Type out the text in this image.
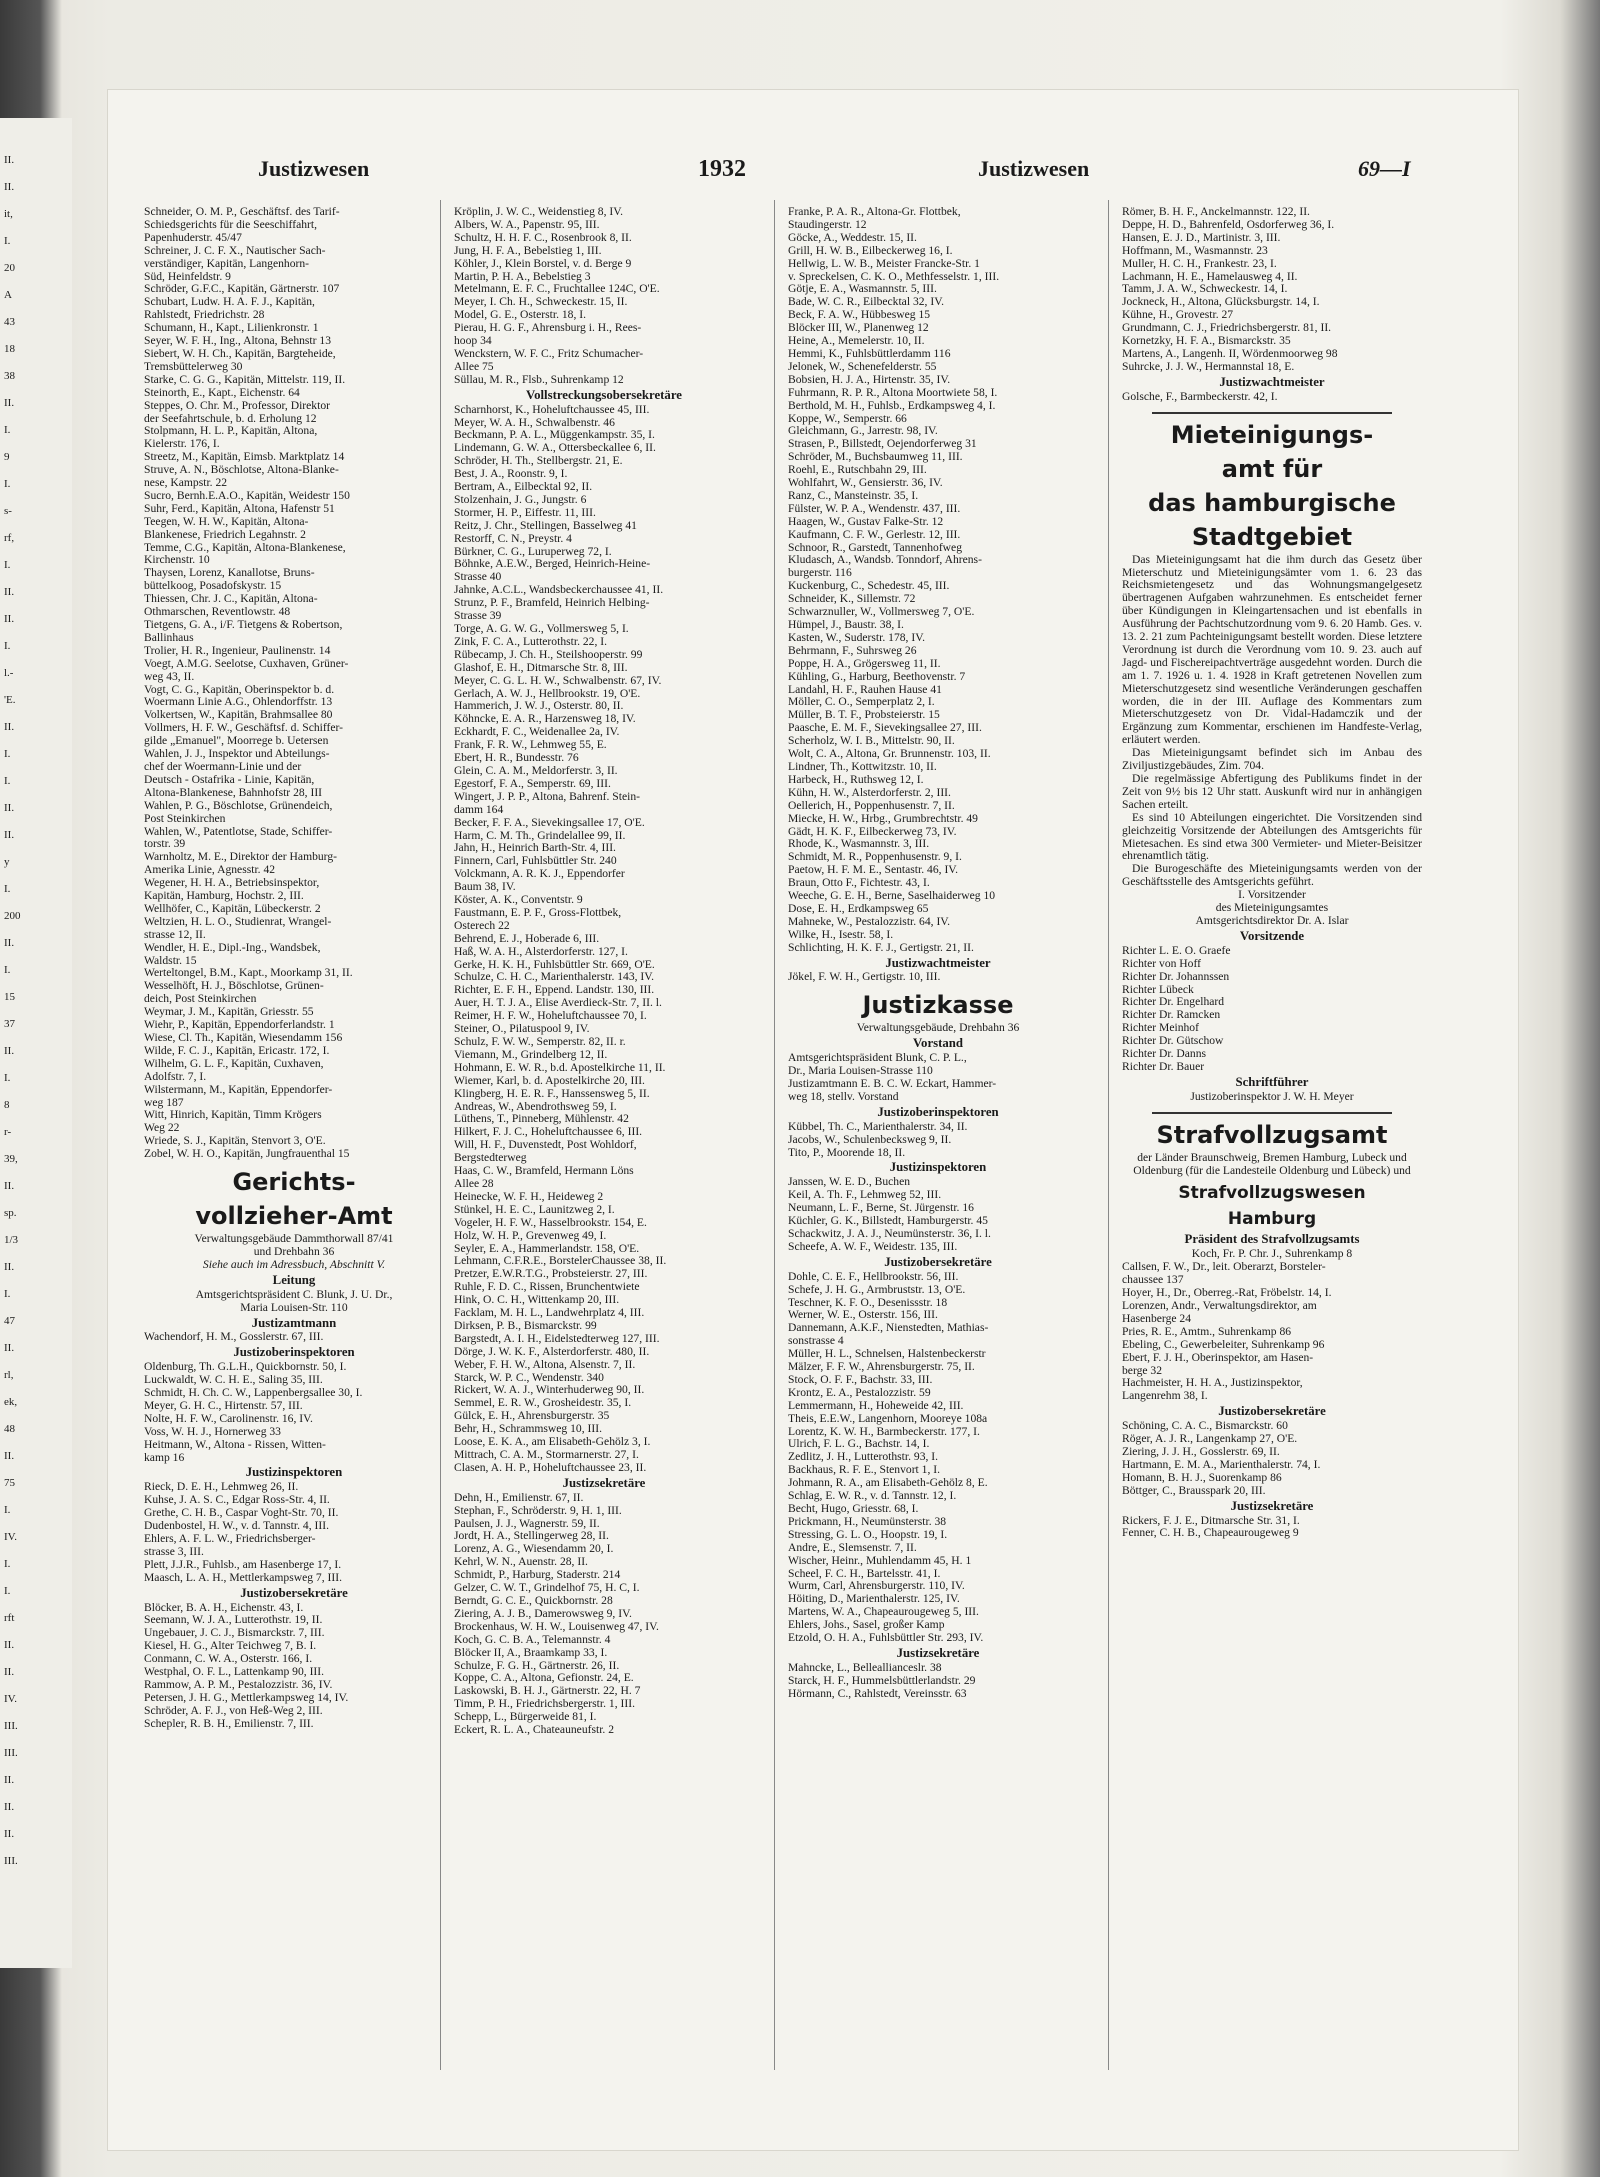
II.
II.
it,
I.
20
A
43
18
38
II.
I.
9
I.
s-
rf,
I.
II.
II.
I.
l.-
'E.
II.
I.
I.
II.
II.
y
I.
200
II.
I.
15
37
II.
I.
8
r-
39,
II.
sp.
1/3
II.
I.
47
II.
rl,
ek,
48
II.
75
I.
IV.
I.
I.
rft
II.
II.
IV.
III.
III.
II.
II.
II.
III.
Justizwesen	1932	Justizwesen	69—I
Schneider, O. M. P., Geschäftsf. des Tarif-
Schiedsgerichts für die Seeschiffahrt,
Papenhuderstr. 45/47
Schreiner, J. C. F. X., Nautischer Sach-
verständiger, Kapitän, Langenhorn-
Süd, Heinfeldstr. 9
Schröder, G.F.C., Kapitän, Gärtnerstr. 107
Schubart, Ludw. H. A. F. J., Kapitän,
Rahlstedt, Friedrichstr. 28
Schumann, H., Kapt., Lilienkronstr. 1
Seyer, W. F. H., Ing., Altona, Behnstr 13
Siebert, W. H. Ch., Kapitän, Bargteheide,
Tremsbüttelerweg 30
Starke, C. G. G., Kapitän, Mittelstr. 119, II.
Steinorth, E., Kapt., Eichenstr. 64
Steppes, O. Chr. M., Professor, Direktor
der Seefahrtschule, b. d. Erholung 12
Stolpmann, H. L. P., Kapitän, Altona,
Kielerstr. 176, I.
Streetz, M., Kapitän, Eimsb. Marktplatz 14
Struve, A. N., Böschlotse, Altona-Blanke-
nese, Kampstr. 22
Sucro, Bernh.E.A.O., Kapitän, Weidestr 150
Suhr, Ferd., Kapitän, Altona, Hafenstr 51
Teegen, W. H. W., Kapitän, Altona-
Blankenese, Friedrich Legahnstr. 2
Temme, C.G., Kapitän, Altona-Blankenese,
Kirchenstr. 10
Thaysen, Lorenz, Kanallotse, Bruns-
büttelkoog, Posadofskystr. 15
Thiessen, Chr. J. C., Kapitän, Altona-
Othmarschen, Reventlowstr. 48
Tietgens, G. A., i/F. Tietgens & Robertson,
Ballinhaus
Trolier, H. R., Ingenieur, Paulinenstr. 14
Voegt, A.M.G. Seelotse, Cuxhaven, Grüner-
weg 43, II.
Vogt, C. G., Kapitän, Oberinspektor b. d.
Woermann Linie A.G., Ohlendorffstr. 13
Volkertsen, W., Kapitän, Brahmsallee 80
Vollmers, H. F. W., Geschäftsf. d. Schiffer-
gilde „Emanuel", Moorrege b. Uetersen
Wahlen, J. J., Inspektor und Abteilungs-
chef der Woermann-Linie und der
Deutsch - Ostafrika - Linie, Kapitän,
Altona-Blankenese, Bahnhofstr 28, III
Wahlen, P. G., Böschlotse, Grünendeich,
Post Steinkirchen
Wahlen, W., Patentlotse, Stade, Schiffer-
torstr. 39
Warnholtz, M. E., Direktor der Hamburg-
Amerika Linie, Agnesstr. 42
Wegener, H. H. A., Betriebsinspektor,
Kapitän, Hamburg, Hochstr. 2, III.
Wellhöfer, C., Kapitän, Lübeckerstr. 2
Weltzien, H. L. O., Studienrat, Wrangel-
strasse 12, II.
Wendler, H. E., Dipl.-Ing., Wandsbek,
Waldstr. 15
Werteltongel, B.M., Kapt., Moorkamp 31, II.
Wesselhöft, H. J., Böschlotse, Grünen-
deich, Post Steinkirchen
Weymar, J. M., Kapitän, Griesstr. 55
Wiehr, P., Kapitän, Eppendorferlandstr. 1
Wiese, Cl. Th., Kapitän, Wiesendamm 156
Wilde, F. C. J., Kapitän, Ericastr. 172, I.
Wilhelm, G. L. F., Kapitän, Cuxhaven,
Adolfstr. 7, I.
Wilstermann, M., Kapitän, Eppendorfer-
weg 187
Witt, Hinrich, Kapitän, Timm Krögers
Weg 22
Wriede, S. J., Kapitän, Stenvort 3, O'E.
Zobel, W. H. O., Kapitän, Jungfrauenthal 15
Gerichts-
vollzieher-Amt
Verwaltungsgebäude Dammthorwall 87/41
und Drehbahn 36
Siehe auch im Adressbuch, Abschnitt V.
Leitung
Amtsgerichtspräsident C. Blunk, J. U. Dr.,
Maria Louisen-Str. 110
Justizamtmann
Wachendorf, H. M., Gosslerstr. 67, III.
Justizoberinspektoren
Oldenburg, Th. G.L.H., Quickbornstr. 50, I.
Luckwaldt, W. C. H. E., Saling 35, III.
Schmidt, H. Ch. C. W., Lappenbergsallee 30, I.
Meyer, G. H. C., Hirtenstr. 57, III.
Nolte, H. F. W., Carolinenstr. 16, IV.
Voss, W. H. J., Hornerweg 33
Heitmann, W., Altona - Rissen, Witten-
kamp 16
Justizinspektoren
Rieck, D. E. H., Lehmweg 26, II.
Kuhse, J. A. S. C., Edgar Ross-Str. 4, II.
Grethe, C. H. B., Caspar Voght-Str. 70, II.
Dudenbostel, H. W., v. d. Tannstr. 4, III.
Ehlers, A. F. L. W., Friedrichsberger-
strasse 3, III.
Plett, J.J.R., Fuhlsb., am Hasenberge 17, I.
Maasch, L. A. H., Mettlerkampsweg 7, III.
Justizobersekretäre
Blöcker, B. A. H., Eichenstr. 43, I.
Seemann, W. J. A., Lutterothstr. 19, II.
Ungebauer, J. C. J., Bismarckstr. 7, III.
Kiesel, H. G., Alter Teichweg 7, B. I.
Conmann, C. W. A., Osterstr. 166, I.
Westphal, O. F. L., Lattenkamp 90, III.
Rammow, A. P. M., Pestalozzistr. 36, IV.
Petersen, J. H. G., Mettlerkampsweg 14, IV.
Schröder, A. F. J., von Heß-Weg 2, III.
Schepler, R. B. H., Emilienstr. 7, III.
Kröplin, J. W. C., Weidenstieg 8, IV.
Albers, W. A., Papenstr. 95, III.
Schultz, H. H. F. C., Rosenbrook 8, II.
Jung, H. F. A., Bebelstieg 1, III.
Köhler, J., Klein Borstel, v. d. Berge 9
Martin, P. H. A., Bebelstieg 3
Metelmann, E. F. C., Fruchtallee 124C, O'E.
Meyer, I. Ch. H., Schweckestr. 15, II.
Model, G. E., Osterstr. 18, I.
Pierau, H. G. F., Ahrensburg i. H., Rees-
hoop 34
Wenckstern, W. F. C., Fritz Schumacher-
Allee 75
Süllau, M. R., Flsb., Suhrenkamp 12
Vollstreckungsobersekretäre
Scharnhorst, K., Hoheluftchaussee 45, III.
Meyer, W. A. H., Schwalbenstr. 46
Beckmann, P. A. L., Müggenkampstr. 35, I.
Lindemann, G. W. A., Ottersbeckallee 6, II.
Schröder, H. Th., Stellbergstr. 21, E.
Best, J. A., Roonstr. 9, I.
Bertram, A., Eilbecktal 92, II.
Stolzenhain, J. G., Jungstr. 6
Stormer, H. P., Eiffestr. 11, III.
Reitz, J. Chr., Stellingen, Basselweg 41
Restorff, C. N., Preystr. 4
Bürkner, C. G., Luruperweg 72, I.
Böhnke, A.E.W., Berged, Heinrich-Heine-
Strasse 40
Jahnke, A.C.L., Wandsbeckerchaussee 41, II.
Strunz, P. F., Bramfeld, Heinrich Helbing-
Strasse 39
Torge, A. G. W. G., Vollmersweg 5, I.
Zink, F. C. A., Lutterothstr. 22, I.
Rübecamp, J. Ch. H., Steilshooperstr. 99
Glashof, E. H., Ditmarsche Str. 8, III.
Meyer, C. G. L. H. W., Schwalbenstr. 67, IV.
Gerlach, A. W. J., Hellbrookstr. 19, O'E.
Hammerich, J. W. J., Osterstr. 80, II.
Köhncke, E. A. R., Harzensweg 18, IV.
Eckhardt, F. C., Weidenallee 2a, IV.
Frank, F. R. W., Lehmweg 55, E.
Ebert, H. R., Bundesstr. 76
Glein, C. A. M., Meldorferstr. 3, II.
Egestorf, F. A., Semperstr. 69, III.
Wingert, J. P. P., Altona, Bahrenf. Stein-
damm 164
Becker, F. F. A., Sievekingsallee 17, O'E.
Harm, C. M. Th., Grindelallee 99, II.
Jahn, H., Heinrich Barth-Str. 4, III.
Finnern, Carl, Fuhlsbüttler Str. 240
Volckmann, A. R. K. J., Eppendorfer
Baum 38, IV.
Köster, A. K., Conventstr. 9
Faustmann, E. P. F., Gross-Flottbek,
Osterech 22
Behrend, E. J., Hoberade 6, III.
Haß, W. A. H., Alsterdorferstr. 127, I.
Gerke, H. K. H., Fuhlsbüttler Str. 669, O'E.
Schulze, C. H. C., Marienthalerstr. 143, IV.
Richter, E. F. H., Eppend. Landstr. 130, III.
Auer, H. T. J. A., Elise Averdieck-Str. 7, II. l.
Reimer, H. F. W., Hoheluftchaussee 70, I.
Steiner, O., Pilatuspool 9, IV.
Schulz, F. W. W., Semperstr. 82, II. r.
Viemann, M., Grindelberg 12, II.
Hohmann, E. W. R., b.d. Apostelkirche 11, II.
Wiemer, Karl, b. d. Apostelkirche 20, III.
Klingberg, H. E. R. F., Hanssensweg 5, II.
Andreas, W., Abendrothsweg 59, I.
Lüthens, T., Pinneberg, Mühlenstr. 42
Hilkert, F. J. C., Hoheluftchaussee 6, III.
Will, H. F., Duvenstedt, Post Wohldorf,
Bergstedterweg
Haas, C. W., Bramfeld, Hermann Löns
Allee 28
Heinecke, W. F. H., Heideweg 2
Stünkel, H. E. C., Launitzweg 2, I.
Vogeler, H. F. W., Hasselbrookstr. 154, E.
Holz, W. H. P., Grevenweg 49, I.
Seyler, E. A., Hammerlandstr. 158, O'E.
Lehmann, C.F.R.E., BorstelerChaussee 38, II.
Pretzer, E.W.R.T.G., Probsteierstr. 27, III.
Ruhle, F. D. C., Rissen, Brunchentwiete
Hink, O. C. H., Wittenkamp 20, III.
Facklam, M. H. L., Landwehrplatz 4, III.
Dirksen, P. B., Bismarckstr. 99
Bargstedt, A. I. H., Eidelstedterweg 127, III.
Dörge, J. W. K. F., Alsterdorferstr. 480, II.
Weber, F. H. W., Altona, Alsenstr. 7, II.
Starck, W. P. C., Wendenstr. 340
Rickert, W. A. J., Winterhuderweg 90, II.
Semmel, E. R. W., Grosheidestr. 35, I.
Gülck, E. H., Ahrensburgerstr. 35
Behr, H., Schrammsweg 10, III.
Loose, E. K. A., am Elisabeth-Gehölz 3, I.
Mittrach, C. A. M., Stormarnerstr. 27, I.
Clasen, A. H. P., Hoheluftchaussee 23, II.
Justizsekretäre
Dehn, H., Emilienstr. 67, II.
Stephan, F., Schröderstr. 9, H. 1, III.
Paulsen, J. J., Wagnerstr. 59, II.
Jordt, H. A., Stellingerweg 28, II.
Lorenz, A. G., Wiesendamm 20, I.
Kehrl, W. N., Auenstr. 28, II.
Schmidt, P., Harburg, Staderstr. 214
Gelzer, C. W. T., Grindelhof 75, H. C, I.
Berndt, G. C. E., Quickbornstr. 28
Ziering, A. J. B., Damerowsweg 9, IV.
Brockenhaus, W. H. W., Louisenweg 47, IV.
Koch, G. C. B. A., Telemannstr. 4
Blöcker II, A., Braamkamp 33, I.
Schulze, F. G. H., Gärtnerstr. 26, II.
Koppe, C. A., Altona, Gefionstr. 24, E.
Laskowski, B. H. J., Gärtnerstr. 22, H. 7
Timm, P. H., Friedrichsbergerstr. 1, III.
Schepp, L., Bürgerweide 81, I.
Eckert, R. L. A., Chateauneufstr. 2
Franke, P. A. R., Altona-Gr. Flottbek,
Staudingerstr. 12
Göcke, A., Weddestr. 15, II.
Grill, H. W. B., Eilbeckerweg 16, I.
Hellwig, L. W. B., Meister Francke-Str. 1
v. Spreckelsen, C. K. O., Methfesselstr. 1, III.
Götje, E. A., Wasmannstr. 5, III.
Bade, W. C. R., Eilbecktal 32, IV.
Beck, F. A. W., Hübbesweg 15
Blöcker III, W., Planenweg 12
Heine, A., Memelerstr. 10, II.
Hemmi, K., Fuhlsbüttlerdamm 116
Jelonek, W., Schenefelderstr. 55
Bobsien, H. J. A., Hirtenstr. 35, IV.
Fuhrmann, R. P. R., Altona Moortwiete 58, I.
Berthold, M. H., Fuhlsb., Erdkampsweg 4, I.
Koppe, W., Semperstr. 66
Gleichmann, G., Jarrestr. 98, IV.
Strasen, P., Billstedt, Oejendorferweg 31
Schröder, M., Buchsbaumweg 11, III.
Roehl, E., Rutschbahn 29, III.
Wohlfahrt, W., Gensierstr. 36, IV.
Ranz, C., Mansteinstr. 35, I.
Fülster, W. P. A., Wendenstr. 437, III.
Haagen, W., Gustav Falke-Str. 12
Kaufmann, C. F. W., Gerlestr. 12, III.
Schnoor, R., Garstedt, Tannenhofweg
Kludasch, A., Wandsb. Tonndorf, Ahrens-
burgerstr. 116
Kuckenburg, C., Schedestr. 45, III.
Schneider, K., Sillemstr. 72
Schwarznuller, W., Vollmersweg 7, O'E.
Hümpel, J., Baustr. 38, I.
Kasten, W., Suderstr. 178, IV.
Behrmann, F., Suhrsweg 26
Poppe, H. A., Grögersweg 11, II.
Kühling, G., Harburg, Beethovenstr. 7
Landahl, H. F., Rauhen Hause 41
Möller, C. O., Semperplatz 2, I.
Müller, B. T. F., Probsteierstr. 15
Paasche, E. M. F., Sievekingsallee 27, III.
Scherholz, W. I. B., Mittelstr. 90, II.
Wolt, C. A., Altona, Gr. Brunnenstr. 103, II.
Lindner, Th., Kottwitzstr. 10, II.
Harbeck, H., Ruthsweg 12, I.
Kühn, H. W., Alsterdorferstr. 2, III.
Oellerich, H., Poppenhusenstr. 7, II.
Miecke, H. W., Hrbg., Grumbrechtstr. 49
Gädt, H. K. F., Eilbeckerweg 73, IV.
Rhode, K., Wasmannstr. 3, III.
Schmidt, M. R., Poppenhusenstr. 9, I.
Paetow, H. F. M. E., Sentastr. 46, IV.
Braun, Otto F., Fichtestr. 43, I.
Weeche, G. E. H., Berne, Saselhaiderweg 10
Dose, E. H., Erdkampsweg 65
Mahneke, W., Pestalozzistr. 64, IV.
Wilke, H., Isestr. 58, I.
Schlichting, H. K. F. J., Gertigstr. 21, II.
Justizwachtmeister
Jökel, F. W. H., Gertigstr. 10, III.
Justizkasse
Verwaltungsgebäude, Drehbahn 36
Vorstand
Amtsgerichtspräsident Blunk, C. P. L.,
Dr., Maria Louisen-Strasse 110
Justizamtmann E. B. C. W. Eckart, Hammer-
weg 18, stellv. Vorstand
Justizoberinspektoren
Kübbel, Th. C., Marienthalerstr. 34, II.
Jacobs, W., Schulenbecksweg 9, II.
Tito, P., Moorende 18, II.
Justizinspektoren
Janssen, W. E. D., Buchen
Keil, A. Th. F., Lehmweg 52, III.
Neumann, L. F., Berne, St. Jürgenstr. 16
Küchler, G. K., Billstedt, Hamburgerstr. 45
Schackwitz, J. A. J., Neumünsterstr. 36, I. l.
Scheefe, A. W. F., Weidestr. 135, III.
Justizobersekretäre
Dohle, C. E. F., Hellbrookstr. 56, III.
Schefe, J. H. G., Armbruststr. 13, O'E.
Teschner, K. F. O., Desenissstr. 18
Werner, W. E., Osterstr. 156, III.
Dannemann, A.K.F., Nienstedten, Mathias-
sonstrasse 4
Müller, H. L., Schnelsen, Halstenbeckerstr
Mälzer, F. F. W., Ahrensburgerstr. 75, II.
Stock, O. F. F., Bachstr. 33, III.
Krontz, E. A., Pestalozzistr. 59
Lemmermann, H., Hoheweide 42, III.
Theis, E.E.W., Langenhorn, Mooreye 108a
Lorentz, K. W. H., Barmbeckerstr. 177, I.
Ulrich, F. L. G., Bachstr. 14, I.
Zedlitz, J. H., Lutterothstr. 93, I.
Backhaus, R. F. E., Stenvort 1, I.
Johmann, R. A., am Elisabeth-Gehölz 8, E.
Schlag, E. W. R., v. d. Tannstr. 12, I.
Becht, Hugo, Griesstr. 68, I.
Prickmann, H., Neumünsterstr. 38
Stressing, G. L. O., Hoopstr. 19, I.
Andre, E., Slemsenstr. 7, II.
Wischer, Heinr., Muhlendamm 45, H. 1
Scheel, F. C. H., Bartelsstr. 41, I.
Wurm, Carl, Ahrensburgerstr. 110, IV.
Höiting, D., Marienthalerstr. 125, IV.
Martens, W. A., Chapeaurougeweg 5, III.
Ehlers, Johs., Sasel, großer Kamp
Etzold, O. H. A., Fuhlsbüttler Str. 293, IV.
Justizsekretäre
Mahncke, L., Belleallianceslr. 38
Starck, H. F., Hummelsbüttlerlandstr. 29
Hörmann, C., Rahlstedt, Vereinsstr. 63
Römer, B. H. F., Anckelmannstr. 122, II.
Deppe, H. D., Bahrenfeld, Osdorferweg 36, I.
Hansen, E. J. D., Martinistr. 3, III.
Hoffmann, M., Wasmannstr. 23
Muller, H. C. H., Frankestr. 23, I.
Lachmann, H. E., Hamelausweg 4, II.
Tamm, J. A. W., Schweckestr. 14, I.
Jockneck, H., Altona, Glücksburgstr. 14, I.
Kühne, H., Grovestr. 27
Grundmann, C. J., Friedrichsbergerstr. 81, II.
Kornetzky, H. F. A., Bismarckstr. 35
Martens, A., Langenh. II, Wördenmoorweg 98
Suhrcke, J. J. W., Hermannstal 18, E.
Justizwachtmeister
Golsche, F., Barmbeckerstr. 42, I.
Mieteinigungs-
amt für
das hamburgische
Stadtgebiet
Das Mieteinigungsamt hat die ihm durch das Gesetz über Mieterschutz und Mieteinigungsämter vom 1. 6. 23 das Reichsmietengesetz und das Wohnungsmangelgesetz übertragenen Aufgaben wahrzunehmen. Es entscheidet ferner über Kündigungen in Kleingartensachen und ist ebenfalls in Ausführung der Pachtschutzordnung vom 9. 6. 20 Hamb. Ges. v. 13. 2. 21 zum Pachteinigungsamt bestellt worden. Diese letztere Verordnung ist durch die Verordnung vom 10. 9. 23. auch auf Jagd- und Fischereipachtverträge ausgedehnt worden. Durch die am 1. 7. 1926 u. 1. 4. 1928 in Kraft getretenen Novellen zum Mieterschutzgesetz sind wesentliche Veränderungen geschaffen worden, die in der III. Auflage des Kommentars zum Mieterschutzgesetz von Dr. Vidal-Hadamczik und der Ergänzung zum Kommentar, erschienen im Handfeste-Verlag, erläutert werden.
Das Mieteinigungsamt befindet sich im Anbau des Ziviljustizgebäudes, Zim. 704.
Die regelmässige Abfertigung des Publikums findet in der Zeit von 9½ bis 12 Uhr statt. Auskunft wird nur in anhängigen Sachen erteilt.
Es sind 10 Abteilungen eingerichtet. Die Vorsitzenden sind gleichzeitig Vorsitzende der Abteilungen des Amtsgerichts für Mietesachen. Es sind etwa 300 Vermieter- und Mieter-Beisitzer ehrenamtlich tätig.
Die Burogeschäfte des Mieteinigungsamts werden von der Geschäftsstelle des Amtsgerichts geführt.
I. Vorsitzender
des Mieteinigungsamtes
Amtsgerichtsdirektor Dr. A. Islar
Vorsitzende
Richter L. E. O. Graefe
Richter von Hoff
Richter Dr. Johannssen
Richter Lübeck
Richter Dr. Engelhard
Richter Dr. Ramcken
Richter Meinhof
Richter Dr. Gütschow
Richter Dr. Danns
Richter Dr. Bauer
Schriftführer
Justizoberinspektor J. W. H. Meyer
Strafvollzugsamt
der Länder Braunschweig, Bremen Hamburg, Lubeck und Oldenburg (für die Landesteile Oldenburg und Lübeck) und
Strafvollzugswesen
Hamburg
Präsident des Strafvollzugsamts
Koch, Fr. P. Chr. J., Suhrenkamp 8
Callsen, F. W., Dr., leit. Oberarzt, Borsteler-
chaussee 137
Hoyer, H., Dr., Oberreg.-Rat, Fröbelstr. 14, I.
Lorenzen, Andr., Verwaltungsdirektor, am
Hasenberge 24
Pries, R. E., Amtm., Suhrenkamp 86
Ebeling, C., Gewerbeleiter, Suhrenkamp 96
Ebert, F. J. H., Oberinspektor, am Hasen-
berge 32
Hachmeister, H. H. A., Justizinspektor,
Langenrehm 38, I.
Justizobersekretäre
Schöning, C. A. C., Bismarckstr. 60
Röger, A. J. R., Langenkamp 27, O'E.
Ziering, J. J. H., Gosslerstr. 69, II.
Hartmann, E. M. A., Marienthalerstr. 74, I.
Homann, B. H. J., Suorenkamp 86
Böttger, C., Brausspark 20, III.
Justizsekretäre
Rickers, F. J. E., Ditmarsche Str. 31, I.
Fenner, C. H. B., Chapeaurougeweg 9
